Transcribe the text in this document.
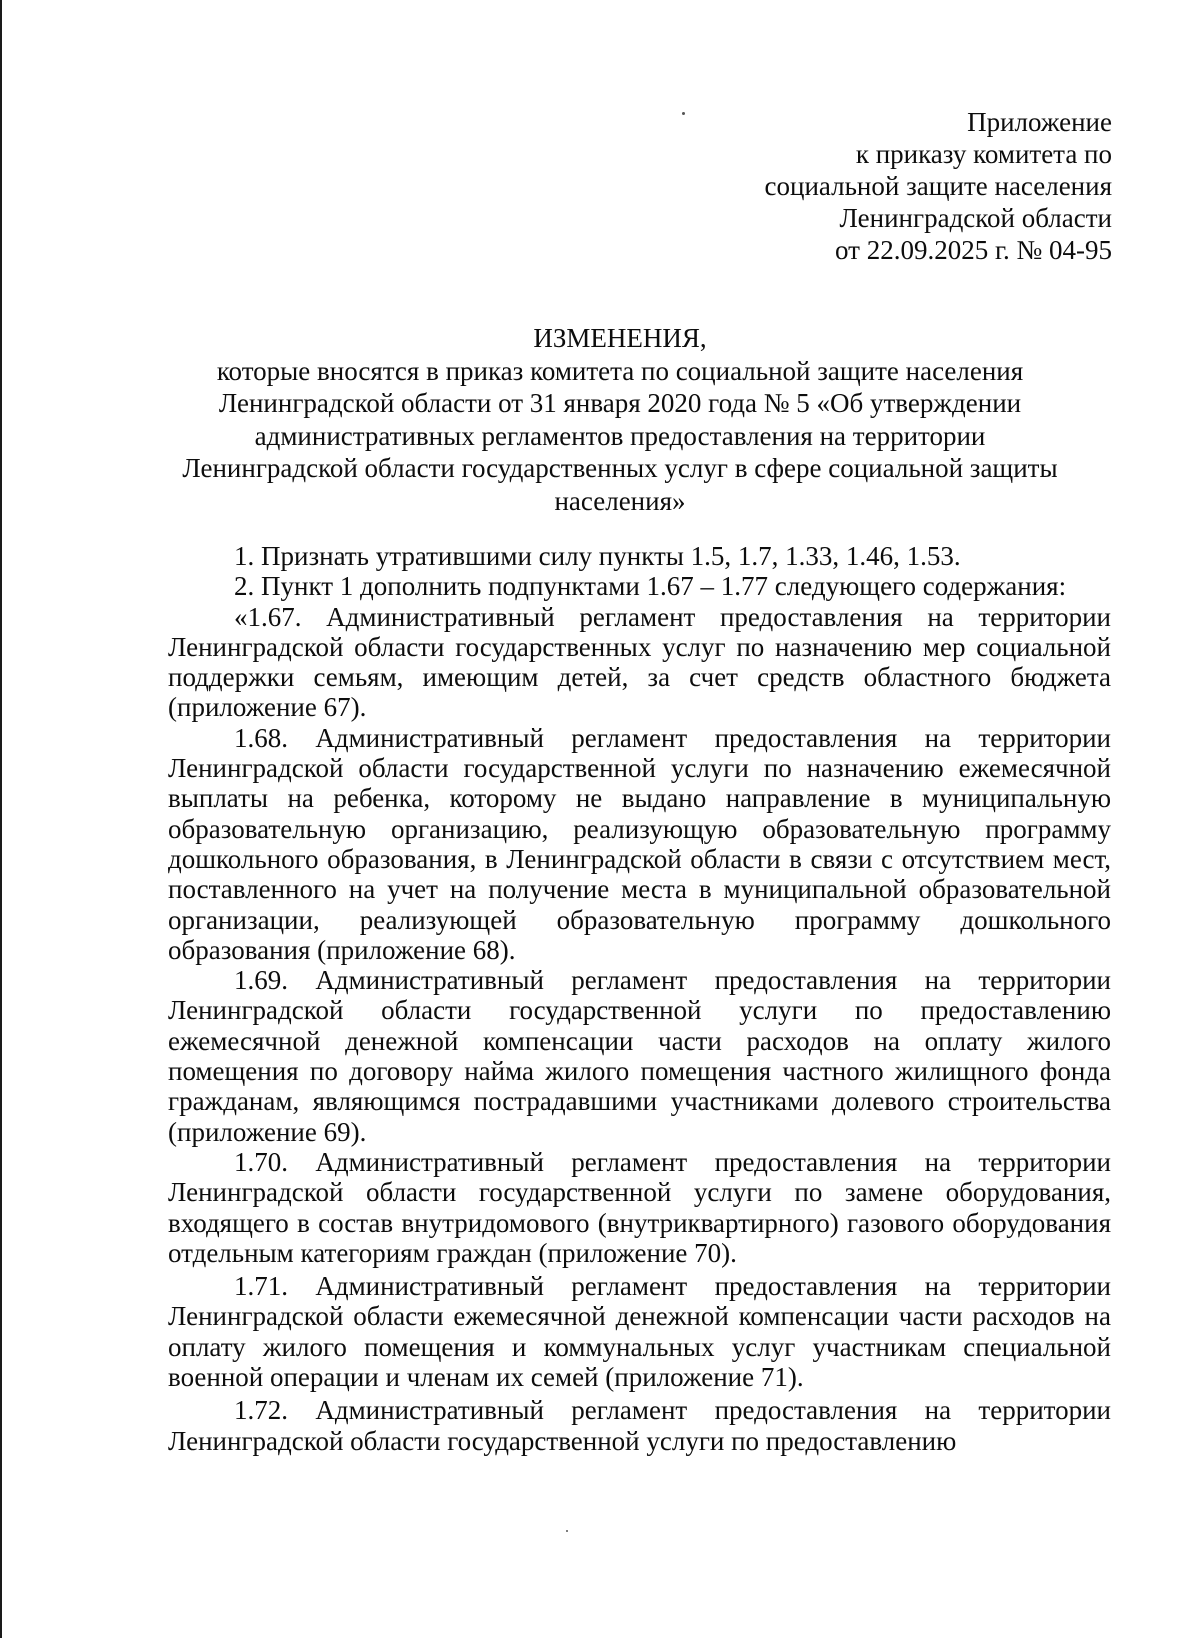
Приложение
к приказу комитета по
социальной защите населения
Ленинградской области
от 22.09.2025 г. № 04-95
ИЗМЕНЕНИЯ,
которые вносятся в приказ комитета по социальной защите населения
Ленинградской области от 31 января 2020 года № 5 «Об утверждении
административных регламентов предоставления на территории
Ленинградской области государственных услуг в сфере социальной защиты
населения»

1. Признать утратившими силу пункты 1.5, 1.7, 1.33, 1.46, 1.53.

2. Пункт 1 дополнить подпунктами 1.67 – 1.77 следующего содержания:

«1.67. Административный регламент предоставления на территории Ленинградской области государственных услуг по назначению мер социальной поддержки семьям, имеющим детей, за счет средств областного бюджета (приложение 67).

1.68. Административный регламент предоставления на территории Ленинградской области государственной услуги по назначению ежемесячной выплаты на ребенка, которому не выдано направление в муниципальную образовательную организацию, реализующую образовательную программу дошкольного образования, в Ленинградской области в связи с отсутствием мест, поставленного на учет на получение места в муниципальной образовательной организации, реализующей образовательную программу дошкольного образования (приложение 68).

1.69. Административный регламент предоставления на территории Ленинградской области государственной услуги по предоставлению ежемесячной денежной компенсации части расходов на оплату жилого помещения по договору найма жилого помещения частного жилищного фонда гражданам, являющимся пострадавшими участниками долевого строительства (приложение 69).

1.70. Административный регламент предоставления на территории Ленинградской области государственной услуги по замене оборудования, входящего в состав внутридомового (внутриквартирного) газового оборудования отдельным категориям граждан (приложение 70).

1.71. Административный регламент предоставления на территории Ленинградской области ежемесячной денежной компенсации части расходов на оплату жилого помещения и коммунальных услуг участникам специальной военной операции и членам их семей (приложение 71).

1.72. Административный регламент предоставления на территории Ленинградской области государственной услуги по предоставлению
